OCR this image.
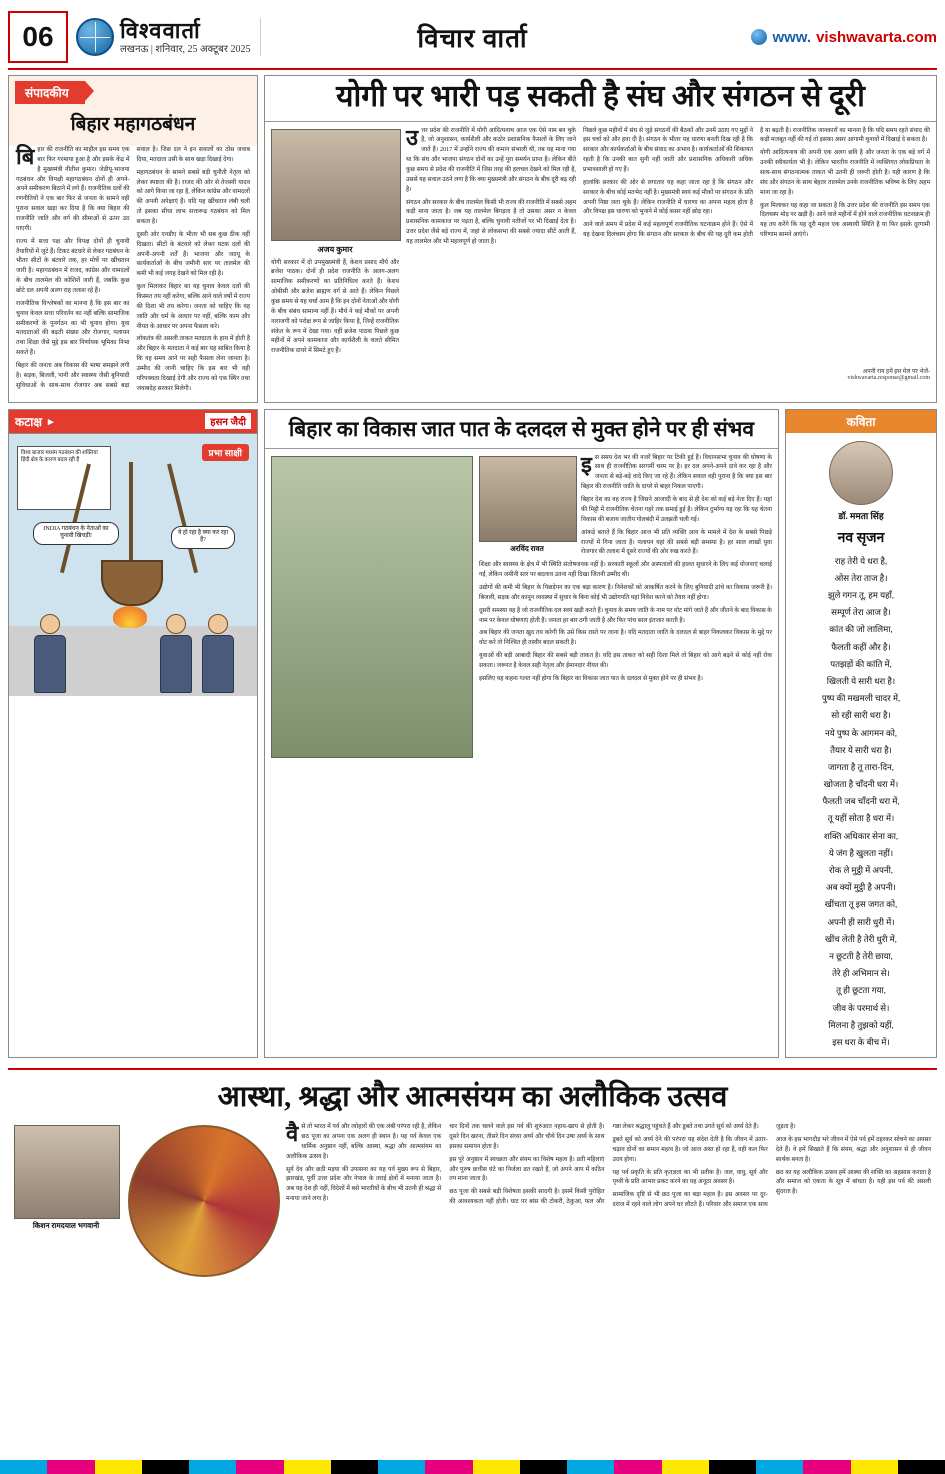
06	विश्ववार्ता
लखनऊ | शनिवार, 25 अक्टूबर 2025	विचार वार्ता	www. vishwavarta.com
संपादकीय
बिहार महागठबंधन

बिहार की राजनीति का माहौल इस समय एक बार फिर गरमाया हुआ है और इसके केंद्र में है मुख्यमंत्री नीतीश कुमार। जेडीयू-भाजपा गठबंधन और विपक्षी महागठबंधन दोनों ही अपने-अपने समीकरण बिठाने में लगे हैं। राजनीतिक दलों की रणनीतियों ने एक बार फिर से जनता के सामने वही पुराना सवाल खड़ा कर दिया है कि क्या बिहार की राजनीति जाति और वर्ग की सीमाओं से ऊपर उठ पाएगी।

राज्य में सत्ता पक्ष और विपक्ष दोनों ही चुनावी तैयारियों में जुटे हैं। टिकट बंटवारे से लेकर गठबंधन के भीतर सीटों के बंटवारे तक, हर मोर्चे पर खींचतान जारी है। महागठबंधन में राजद, कांग्रेस और वामदलों के बीच तालमेल की कोशिशें जारी हैं, जबकि कुछ छोटे दल अपनी अलग राह तलाश रहे हैं।

राजनीतिक विश्लेषकों का मानना है कि इस बार का चुनाव केवल सत्ता परिवर्तन का नहीं बल्कि सामाजिक समीकरणों के पुनर्गठन का भी चुनाव होगा। युवा मतदाताओं की बढ़ती संख्या और रोजगार, पलायन तथा शिक्षा जैसे मुद्दे इस बार निर्णायक भूमिका निभा सकते हैं।

बिहार की जनता अब विकास की भाषा समझने लगी है। सड़क, बिजली, पानी और स्वास्थ्य जैसी बुनियादी सुविधाओं के साथ-साथ रोजगार अब सबसे बड़ा सवाल है। जिस दल ने इन सवालों का ठोस जवाब दिया, मतदाता उसी के साथ खड़ा दिखाई देगा।

महागठबंधन के सामने सबसे बड़ी चुनौती नेतृत्व को लेकर स्पष्टता की है। राजद की ओर से तेजस्वी यादव को आगे किया जा रहा है, लेकिन कांग्रेस और वामदलों की अपनी अपेक्षाएं हैं। यदि यह खींचतान लंबी चली तो इसका सीधा लाभ सत्तारूढ़ गठबंधन को मिल सकता है।

दूसरी ओर एनडीए के भीतर भी सब कुछ ठीक नहीं दिखता। सीटों के बंटवारे को लेकर घटक दलों की अपनी-अपनी शर्तें हैं। भाजपा और जदयू के कार्यकर्ताओं के बीच जमीनी स्तर पर तालमेल की कमी भी कई जगह देखने को मिल रही है।

कुल मिलाकर बिहार का यह चुनाव केवल दलों की किस्मत तय नहीं करेगा, बल्कि आने वाले वर्षों में राज्य की दिशा भी तय करेगा। जनता को चाहिए कि वह जाति और धर्म के आधार पर नहीं, बल्कि काम और नीयत के आधार पर अपना फैसला करे।

लोकतंत्र की असली ताकत मतदाता के हाथ में होती है और बिहार के मतदाता ने कई बार यह साबित किया है कि वह समय आने पर सही फैसला लेना जानता है। उम्मीद की जानी चाहिए कि इस बार भी वही परिपक्वता दिखाई देगी और राज्य को एक स्थिर तथा जवाबदेह सरकार मिलेगी।

योगी पर भारी पड़ सकती है संघ और संगठन से दूरी
अजय कुमार

योगी सरकार में दो उपमुख्यमंत्री हैं, केशव प्रसाद मौर्य और ब्रजेश पाठक। दोनों ही प्रदेश राजनीति के अलग-अलग सामाजिक समीकरणों का प्रतिनिधित्व करते हैं। केशव ओबीसी और ब्रजेश ब्राह्मण वर्ग से आते हैं। लेकिन पिछले कुछ समय से यह चर्चा आम है कि इन दोनों नेताओं और योगी के बीच संबंध सामान्य नहीं हैं। मौर्य ने कई मौकों पर अपनी नाराजगी को परोक्ष रूप से जाहिर किया है, जिन्हें राजनीतिक संकेत के रूप में देखा गया। वहीं ब्रजेश पाठक पिछले कुछ महीनों में अपने कामकाज और कार्यशैली के चलते सीमित राजनीतिक दायरे में सिमटे हुए हैं।

उत्तर प्रदेश की राजनीति में योगी आदित्यनाथ आज एक ऐसे नाम बन चुके हैं, जो अनुशासन, कार्यशैली और कठोर प्रशासनिक फैसलों के लिए जाने जाते हैं। 2017 में उन्होंने राज्य की कमान संभाली थी, तब यह माना गया था कि संघ और भाजपा संगठन दोनों का उन्हें पूरा समर्थन प्राप्त है। लेकिन बीते कुछ समय से प्रदेश की राजनीति में जिस तरह की हलचल देखने को मिल रही है, उससे यह सवाल उठने लगा है कि क्या मुख्यमंत्री और संगठन के बीच दूरी बढ़ रही है।

संगठन और सरकार के बीच तालमेल किसी भी राज्य की राजनीति में सबसे अहम कड़ी माना जाता है। जब यह तालमेल बिगड़ता है तो उसका असर न केवल प्रशासनिक कामकाज पर पड़ता है, बल्कि चुनावी नतीजों पर भी दिखाई देता है। उत्तर प्रदेश जैसे बड़े राज्य में, जहां से लोकसभा की सबसे ज्यादा सीटें आती हैं, यह तालमेल और भी महत्वपूर्ण हो जाता है।

पिछले कुछ महीनों में संघ से जुड़े संगठनों की बैठकों और उनमें उठाए गए मुद्दों ने इस चर्चा को और हवा दी है। संगठन के भीतर यह धारणा बनती दिख रही है कि सरकार और कार्यकर्ताओं के बीच संवाद का अभाव है। कार्यकर्ताओं की शिकायत रहती है कि उनकी बात सुनी नहीं जाती और प्रशासनिक अधिकारी अधिक प्रभावशाली हो गए हैं।

हालांकि सरकार की ओर से लगातार यह कहा जाता रहा है कि संगठन और सरकार के बीच कोई मतभेद नहीं है। मुख्यमंत्री स्वयं कई मौकों पर संगठन के प्रति अपनी निष्ठा जता चुके हैं। लेकिन राजनीति में धारणा का अपना महत्व होता है और विपक्ष इस धारणा को भुनाने में कोई कसर नहीं छोड़ रहा।

आने वाले समय में प्रदेश में कई महत्वपूर्ण राजनीतिक घटनाक्रम होने हैं। ऐसे में यह देखना दिलचस्प होगा कि संगठन और सरकार के बीच की यह दूरी कम होती है या बढ़ती है। राजनीतिक जानकारों का मानना है कि यदि समय रहते संवाद की कड़ी मजबूत नहीं की गई तो इसका असर आगामी चुनावों में दिखाई दे सकता है।

योगी आदित्यनाथ की अपनी एक अलग छवि है और जनता के एक बड़े वर्ग में उनकी स्वीकार्यता भी है। लेकिन भारतीय राजनीति में व्यक्तिगत लोकप्रियता के साथ-साथ संगठनात्मक ताकत भी उतनी ही जरूरी होती है। यही कारण है कि संघ और संगठन के साथ बेहतर तालमेल उनके राजनीतिक भविष्य के लिए अहम माना जा रहा है।

कुल मिलाकर यह कहा जा सकता है कि उत्तर प्रदेश की राजनीति इस समय एक दिलचस्प मोड़ पर खड़ी है। आने वाले महीनों में होने वाले राजनीतिक घटनाक्रम ही यह तय करेंगे कि यह दूरी महज एक अस्थायी स्थिति है या फिर इसके दूरगामी परिणाम सामने आएंगे।

अपनी राय हमें इस मेल पर भेजें-
vishwavarta.response@gmail.com
कटाक्ष ▸	हसन जैदी
विश्व बाजार मध्यम गठबंधन की शक्तियां हिंदी क्षेत्र के कारण बदल रही हैं
प्रभा साक्षी
ये हो रहा है क्या कर रहा है?
INDIA गठबंधन के नेताओं का चुनावी खिचड़ी!
बिहार का विकास जात पात के दलदल से मुक्त होने पर ही संभव
अरविंद रावत

इस समय देश भर की नजरें बिहार पर टिकी हुई हैं। विधानसभा चुनाव की घोषणा के साथ ही राजनीतिक सरगर्मी चरम पर है। हर दल अपने-अपने दावे कर रहा है और जनता से बड़े-बड़े वादे किए जा रहे हैं। लेकिन सवाल वही पुराना है कि क्या इस बार बिहार की राजनीति जाति के दायरे से बाहर निकल पाएगी।

बिहार देश का वह राज्य है जिसने आजादी के बाद से ही देश को कई बड़े नेता दिए हैं। यहां की मिट्टी में राजनीतिक चेतना गहरे तक समाई हुई है। लेकिन दुर्भाग्य यह रहा कि यह चेतना विकास की बजाय जातीय गोलबंदी में उलझती चली गई।

आंकड़े बताते हैं कि बिहार आज भी प्रति व्यक्ति आय के मामले में देश के सबसे पिछड़े राज्यों में गिना जाता है। पलायन यहां की सबसे बड़ी समस्या है। हर साल लाखों युवा रोजगार की तलाश में दूसरे राज्यों की ओर रुख करते हैं।

शिक्षा और स्वास्थ्य के क्षेत्र में भी स्थिति संतोषजनक नहीं है। सरकारी स्कूलों और अस्पतालों की हालत सुधारने के लिए कई योजनाएं चलाई गईं, लेकिन जमीनी स्तर पर बदलाव उतना नहीं दिखा जितनी उम्मीद थी।

उद्योगों की कमी भी बिहार के पिछड़ेपन का एक बड़ा कारण है। निवेशकों को आकर्षित करने के लिए बुनियादी ढांचे का विकास जरूरी है। बिजली, सड़क और कानून व्यवस्था में सुधार के बिना कोई भी उद्योगपति यहां निवेश करने को तैयार नहीं होगा।

दूसरी समस्या वह है जो राजनीतिक दल स्वयं खड़ी करते हैं। चुनाव के समय जाति के नाम पर वोट मांगे जाते हैं और जीतने के बाद विकास के नाम पर केवल घोषणाएं होती हैं। जनता हर बार ठगी जाती है और फिर पांच साल इंतजार करती है।

अब बिहार की जनता खुद तय करेगी कि उसे किस रास्ते पर जाना है। यदि मतदाता जाति के दलदल से बाहर निकलकर विकास के मुद्दे पर वोट करे तो निश्चित ही तस्वीर बदल सकती है।

युवाओं की बड़ी आबादी बिहार की सबसे बड़ी ताकत है। यदि इस ताकत को सही दिशा मिले तो बिहार को आगे बढ़ने से कोई नहीं रोक सकता। जरूरत है केवल सही नेतृत्व और ईमानदार नीयत की।

इसलिए यह कहना गलत नहीं होगा कि बिहार का विकास जात पात के दलदल से मुक्त होने पर ही संभव है।

कविता
डॉ. ममता सिंह
नव सृजन
राह तेरी ये धरा है,
ओस तेरा ताज है।
झुले गगन तू, हम यहाँ,
सम्पूर्ण तेरा आज है।
कांत की जो लालिमा,
फैलती कहीं और है।
पतझड़ों की कांति में,
खिलती ये सारी धरा है।
पुष्प की मखमली चादर में,
सो रही सारी धरा है।
नये पुष्प के आगमन को,
तैयार ये सारी धरा है।
जागता है तू तारा-दिन,
खोजता है चाँदनी धरा में।
फैलती जब चाँदनी धरा में,
तू यहीं सोता है धरा में।
शक्ति अधिकार सेना का,
ये जंग है खुलता नहीं।
रोक ले मुट्ठी में अपनी,
अब क्यों मुट्ठी है अपनी।
खींचता तू इस जगत को,
अपनी ही सारी धुरी में।
खींच लेती है तेरी धुरी में,
न छूटती है तेरी छाया,
तेरे ही अभिमान से।
तू ही छूटता गया,
जीव के परमार्थ से।
मिलना है तुझको यहीं,
इस धरा के बीच में।
आस्था, श्रद्धा और आत्मसंयम का अलौकिक उत्सव
किशन रामदयाल भगवानी

वैसे तो भारत में पर्व और त्योहारों की एक लंबी परंपरा रही है, लेकिन छठ पूजा का अपना एक अलग ही स्थान है। यह पर्व केवल एक धार्मिक अनुष्ठान नहीं, बल्कि आस्था, श्रद्धा और आत्मसंयम का अलौकिक उत्सव है।

सूर्य देव और छठी मइया की उपासना का यह पर्व मुख्य रूप से बिहार, झारखंड, पूर्वी उत्तर प्रदेश और नेपाल के तराई क्षेत्रों में मनाया जाता है। अब यह देश ही नहीं, विदेशों में बसे भारतीयों के बीच भी उतनी ही श्रद्धा से मनाया जाने लगा है।

चार दिनों तक चलने वाले इस पर्व की शुरुआत नहाय-खाय से होती है। दूसरे दिन खरना, तीसरे दिन संध्या अर्घ्य और चौथे दिन उषा अर्घ्य के साथ इसका समापन होता है।

इस पूरे अनुष्ठान में स्वच्छता और संयम का विशेष महत्व है। व्रती महिलाएं और पुरुष छत्तीस घंटे का निर्जला व्रत रखते हैं, जो अपने आप में कठिन तप माना जाता है।

छठ पूजा की सबसे बड़ी विशेषता इसकी सादगी है। इसमें किसी पुरोहित की आवश्यकता नहीं होती। घाट पर बांस की टोकरी, ठेकुआ, फल और गन्ना लेकर श्रद्धालु पहुंचते हैं और डूबते तथा उगते सूर्य को अर्घ्य देते हैं।

डूबते सूर्य को अर्घ्य देने की परंपरा यह संदेश देती है कि जीवन में उतार-चढ़ाव दोनों का समान महत्व है। जो आज अस्त हो रहा है, वही कल फिर उदय होगा।

यह पर्व प्रकृति के प्रति कृतज्ञता का भी प्रतीक है। जल, वायु, सूर्य और पृथ्वी के प्रति आभार प्रकट करने का यह अनूठा अवसर है।

सामाजिक दृष्टि से भी छठ पूजा का बड़ा महत्व है। इस अवसर पर दूर-दराज में रहने वाले लोग अपने घर लौटते हैं। परिवार और समाज एक साथ जुड़ता है।

आज के इस भागदौड़ भरे जीवन में ऐसे पर्व हमें ठहरकर सोचने का अवसर देते हैं। वे हमें सिखाते हैं कि संयम, श्रद्धा और अनुशासन से ही जीवन सार्थक बनता है।

छठ का यह अलौकिक उत्सव हमें आस्था की शक्ति का अहसास कराता है और समाज को एकता के सूत्र में बांधता है। यही इस पर्व की असली सुंदरता है।
